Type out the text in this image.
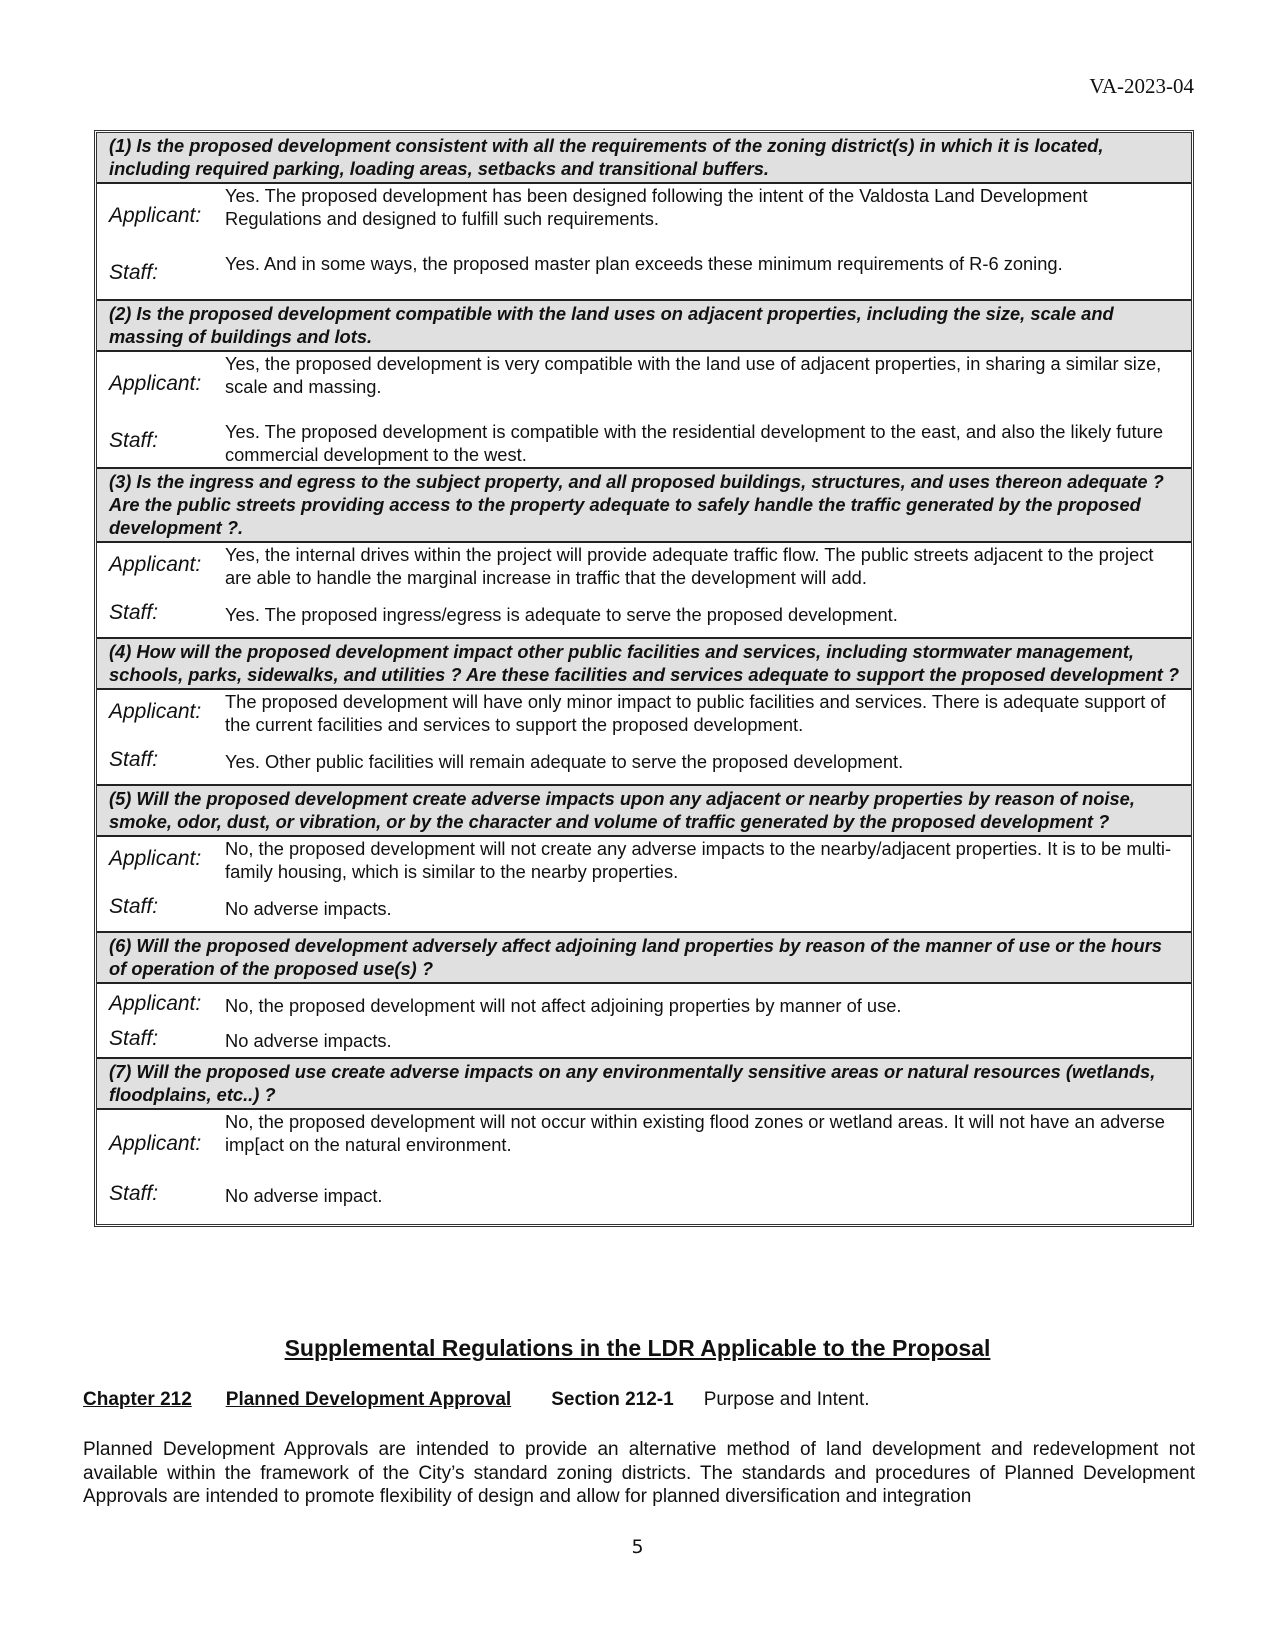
VA-2023-04
(1) Is the proposed development consistent with all the requirements of the zoning district(s) in which it is located, including required parking, loading areas, setbacks and transitional buffers.
Applicant:
Yes. The proposed development has been designed following the intent of the Valdosta Land Development Regulations and designed to fulfill such requirements.
Staff:	Yes. And in some ways, the proposed master plan exceeds these minimum requirements of R-6 zoning.
(2) Is the proposed development compatible with the land uses on adjacent properties, including the size, scale and massing of buildings and lots.
Applicant:
Yes, the proposed development is very compatible with the land use of adjacent properties, in sharing a similar size, scale and massing.
Staff:	Yes. The proposed development is compatible with the residential development to the east, and also the likely future commercial development to the west.
(3) Is the ingress and egress to the subject property, and all proposed buildings, structures, and uses thereon adequate ? Are the public streets providing access to the property adequate to safely handle the traffic generated by the proposed development ?.
Applicant:	Yes, the internal drives within the project will provide adequate traffic flow. The public streets adjacent to the project are able to handle the marginal increase in traffic that the development will add.
Staff:	Yes. The proposed ingress/egress is adequate to serve the proposed development.
(4) How will the proposed development impact other public facilities and services, including stormwater management, schools, parks, sidewalks, and utilities ? Are these facilities and services adequate to support the proposed development ?
Applicant:	The proposed development will have only minor impact to public facilities and services. There is adequate support of the current facilities and services to support the proposed development.
Staff:	Yes. Other public facilities will remain adequate to serve the proposed development.
(5) Will the proposed development create adverse impacts upon any adjacent or nearby properties by reason of noise, smoke, odor, dust, or vibration, or by the character and volume of traffic generated by the proposed development ?
Applicant:	No, the proposed development will not create any adverse impacts to the nearby/adjacent properties. It is to be multi-family housing, which is similar to the nearby properties.
Staff:	No adverse impacts.
(6) Will the proposed development adversely affect adjoining land properties by reason of the manner of use or the hours of operation of the proposed use(s) ?
Applicant:	No, the proposed development will not affect adjoining properties by manner of use.
Staff:	No adverse impacts.
(7) Will the proposed use create adverse impacts on any environmentally sensitive areas or natural resources (wetlands, floodplains, etc..) ?
Applicant:
No, the proposed development will not occur within existing flood zones or wetland areas. It will not have an adverse imp[act on the natural environment.
Staff:	No adverse impact.
Supplemental Regulations in the LDR Applicable to the Proposal
Chapter 212 Planned Development Approval Section 212-1 Purpose and Intent.

Planned Development Approvals are intended to provide an alternative method of land development and redevelopment not available within the framework of the City’s standard zoning districts. The standards and procedures of Planned Development Approvals are intended to promote flexibility of design and allow for planned diversification and integration

5
